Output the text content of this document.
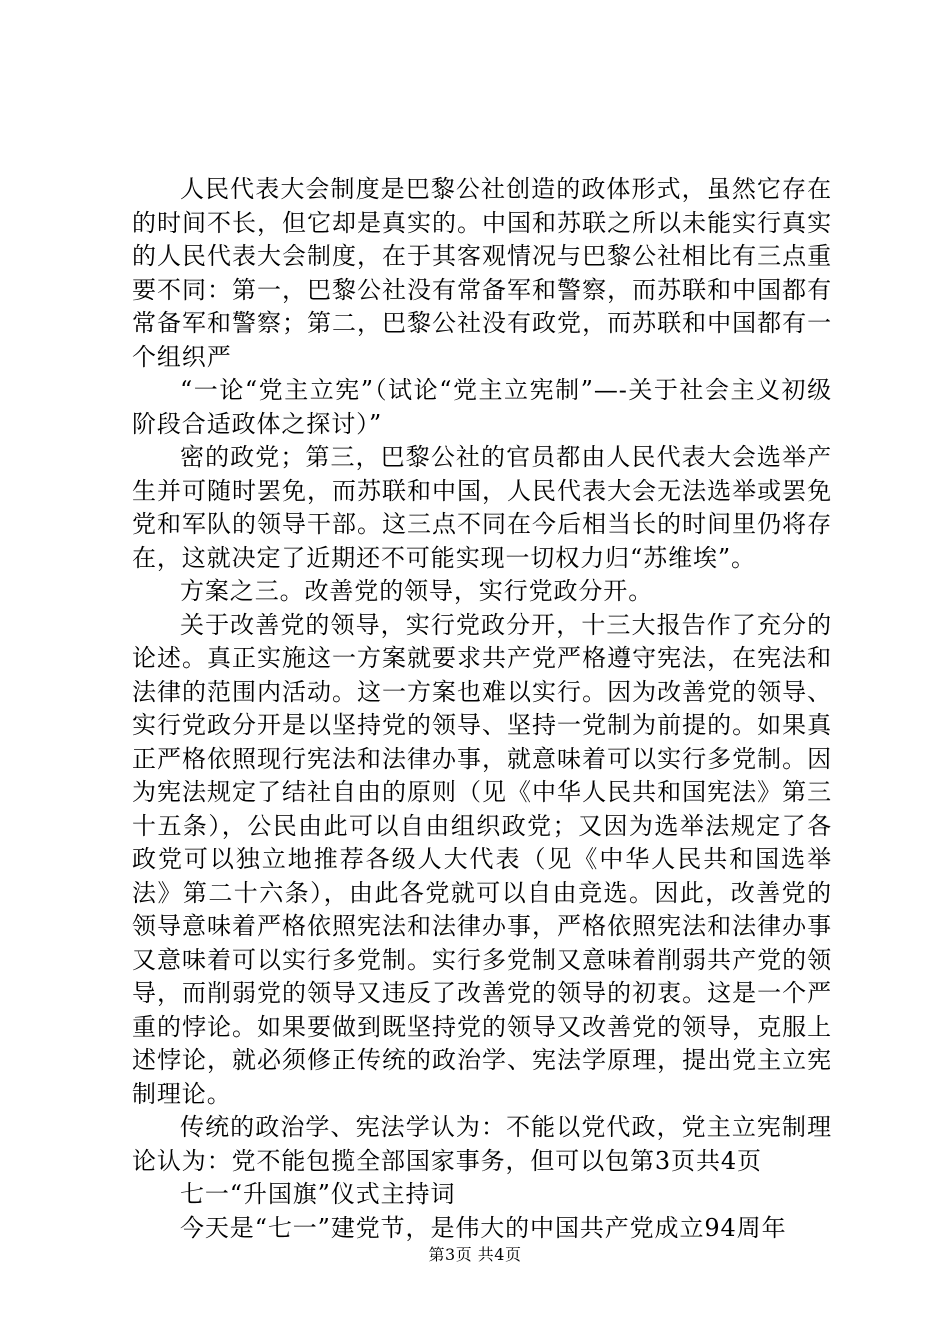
人民代表大会制度是巴黎公社创造的政体形式，虽然它存在的时间不长，但它却是真实的。中国和苏联之所以未能实行真实的人民代表大会制度，在于其客观情况与巴黎公社相比有三点重要不同：第一，巴黎公社没有常备军和警察，而苏联和中国都有常备军和警察；第二，巴黎公社没有政党，而苏联和中国都有一个组织严

“一论“党主立宪”（试论“党主立宪制”—-关于社会主义初级阶段合适政体之探讨）”

密的政党；第三，巴黎公社的官员都由人民代表大会选举产生并可随时罢免，而苏联和中国，人民代表大会无法选举或罢免党和军队的领导干部。这三点不同在今后相当长的时间里仍将存在，这就决定了近期还不可能实现一切权力归“苏维埃”。

方案之三。改善党的领导，实行党政分开。

关于改善党的领导，实行党政分开，十三大报告作了充分的论述。真正实施这一方案就要求共产党严格遵守宪法，在宪法和法律的范围内活动。这一方案也难以实行。因为改善党的领导、实行党政分开是以坚持党的领导、坚持一党制为前提的。如果真正严格依照现行宪法和法律办事，就意味着可以实行多党制。因为宪法规定了结社自由的原则（见《中华人民共和国宪法》第三十五条），公民由此可以自由组织政党；又因为选举法规定了各政党可以独立地推荐各级人大代表（见《中华人民共和国选举法》第二十六条），由此各党就可以自由竞选。因此，改善党的领导意味着严格依照宪法和法律办事，严格依照宪法和法律办事又意味着可以实行多党制。实行多党制又意味着削弱共产党的领导，而削弱党的领导又违反了改善党的领导的初衷。这是一个严重的悖论。如果要做到既坚持党的领导又改善党的领导，克服上述悖论，就必须修正传统的政治学、宪法学原理，提出党主立宪制理论。

传统的政治学、宪法学认为：不能以党代政，党主立宪制理论认为：党不能包揽全部国家事务，但可以包第3页共4页

七一“升国旗”仪式主持词

今天是“七一”建党节，是伟大的中国共产党成立94周年

第3页 共4页
